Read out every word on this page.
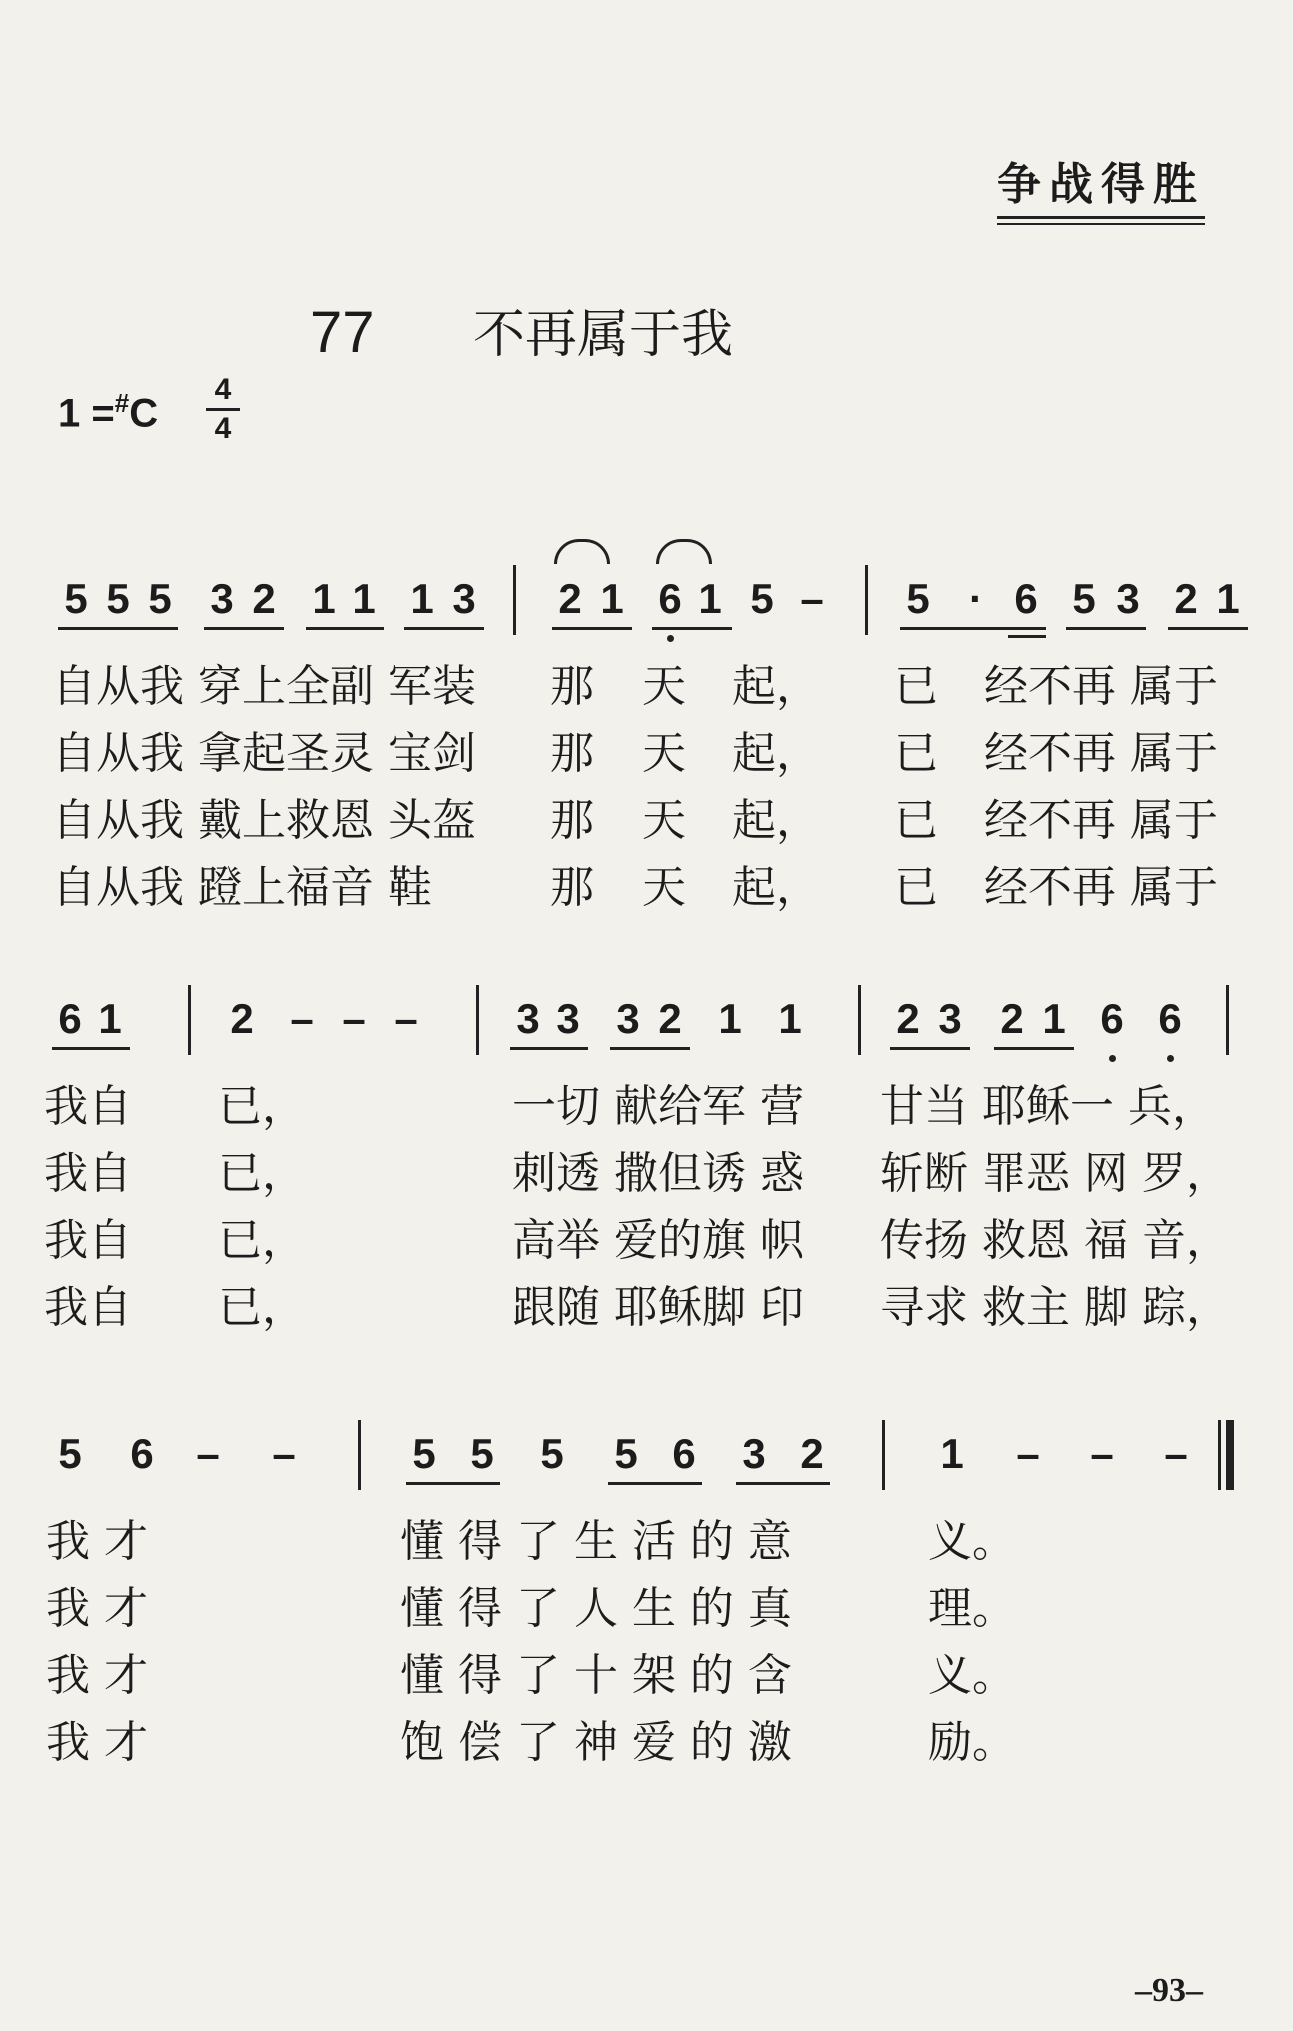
争战得胜
77 不再属于我
1 =#C
4
4
5 5 5 3 2 1 1 1 3 2 1 6 1 5 – 5 · 6 5 3 2 1
自从我 穿上全副 军装 那 天 起， 已 经不再 属于
自从我 拿起圣灵 宝剑 那 天 起， 已 经不再 属于
自从我 戴上救恩 头盔 那 天 起， 已 经不再 属于
自从我 蹬上福音 鞋	那 天 起， 已 经不再 属于
6 1	2 – – – 3 3 3 2 1 1 2 3 2 1 6 6
我自 已，	一切 献给军 营 甘当 耶稣一 兵，
我自 已，	刺透 撒但诱 惑 斩断 罪恶 网 罗，
我自 已，	高举 爱的旗 帜 传扬 救恩 福 音，
我自 已，	跟随 耶稣脚 印 寻求 救主 脚 踪，
5 6 – –	5 5 5 5 6 3 2	1 – – –
我 才	懂 得 了 生 活 的 意	义。
我 才	懂 得 了 人 生 的 真	理。
我 才	懂 得 了 十 架 的 含	义。
我 才	饱 偿 了 神 爱 的 激	励。
–93–
